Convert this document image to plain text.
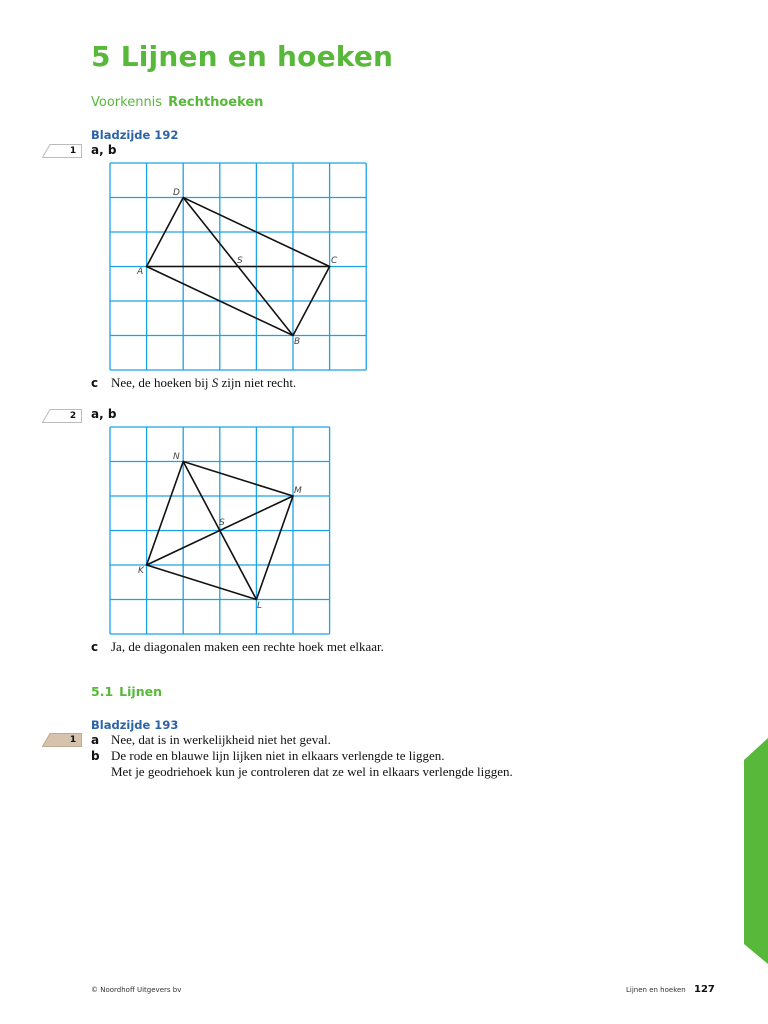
5 Lijnen en hoeken
Voorkennis Rechthoeken
Bladzijde 192
1	a, b
D
S	C
A
B
c Nee, de hoeken bij S zijn niet recht.
2	a, b
N
M
S
K
L
c Ja, de diagonalen maken een rechte hoek met elkaar.
5.1 Lijnen
Bladzijde 193
1	a Nee, dat is in werkelijkheid niet het geval.
b De rode en blauwe lijn lijken niet in elkaars verlengde te liggen.
Met je geodriehoek kun je controleren dat ze wel in elkaars verlengde liggen.
© Noordhoff Uitgevers bv	Lijnen en hoeken 127
